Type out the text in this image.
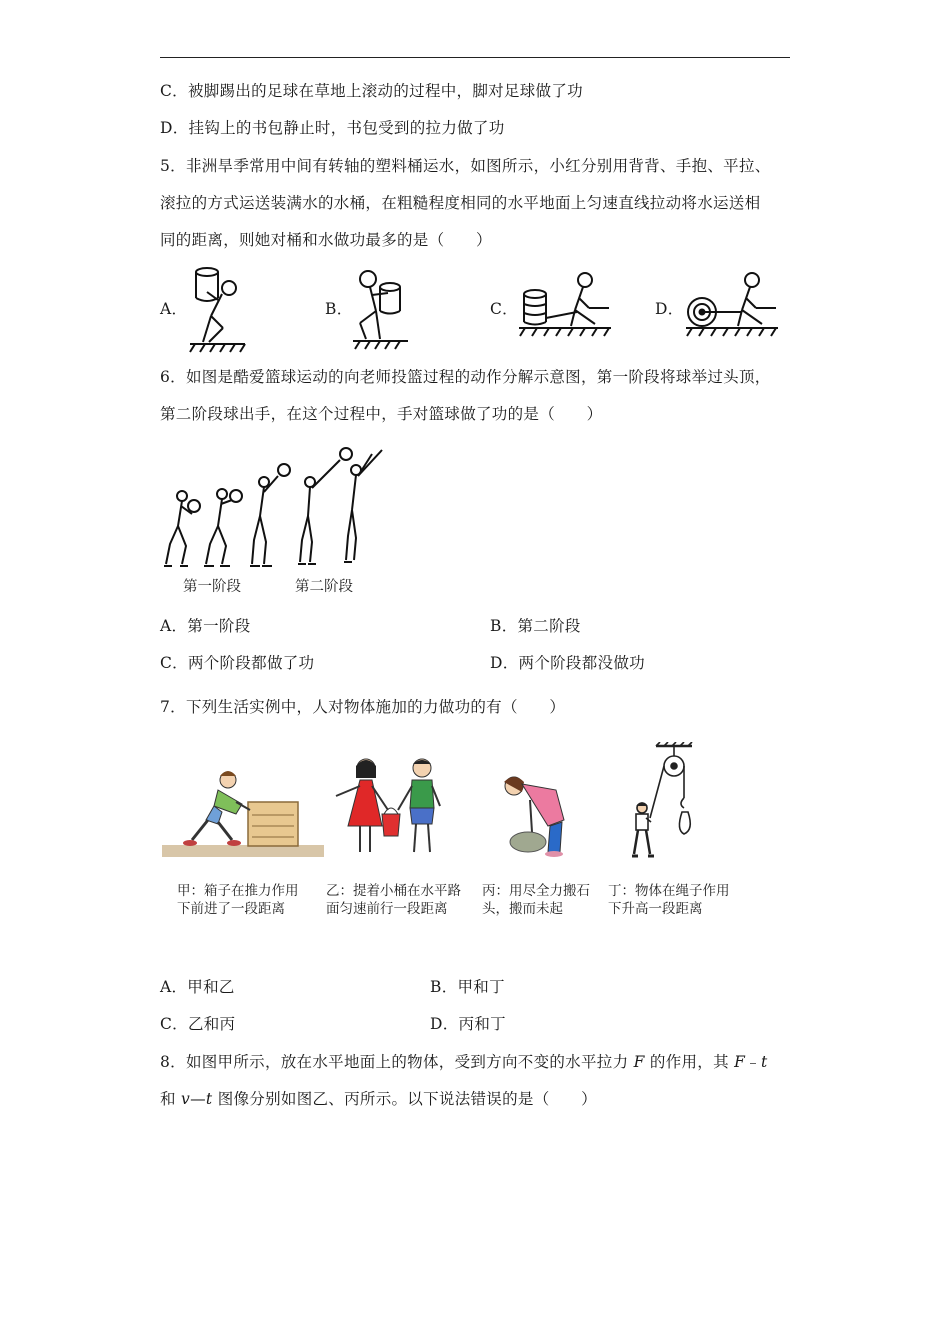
C．被脚踢出的足球在草地上滚动的过程中，脚对足球做了功
D．挂钩上的书包静止时，书包受到的拉力做了功
5．非洲旱季常用中间有转轴的塑料桶运水，如图所示，小红分别用背背、手抱、平拉、
滚拉的方式运送装满水的水桶，在粗糙程度相同的水平地面上匀速直线拉动将水运送相
同的距离，则她对桶和水做功最多的是（　　）
A．	B．	C．	D．
6．如图是酷爱篮球运动的向老师投篮过程的动作分解示意图，第一阶段将球举过头顶，
第二阶段球出手，在这个过程中，手对篮球做了功的是（　　）
第一阶段	第二阶段
A．第一阶段	B．第二阶段
C．两个阶段都做了功	D．两个阶段都没做功
7．下列生活实例中，人对物体施加的力做功的有（　　）
甲：箱子在推力作用
下前进了一段距离
乙：提着小桶在水平路
面匀速前行一段距离
丙：用尽全力搬石
头，搬而未起
丁：物体在绳子作用
下升高一段距离
A．甲和乙	B．甲和丁
C．乙和丙	D．丙和丁
8．如图甲所示，放在水平地面上的物体，受到方向不变的水平拉力 F 的作用，其 F﹣t
和 v—t 图像分别如图乙、丙所示。以下说法错误的是（　　）
